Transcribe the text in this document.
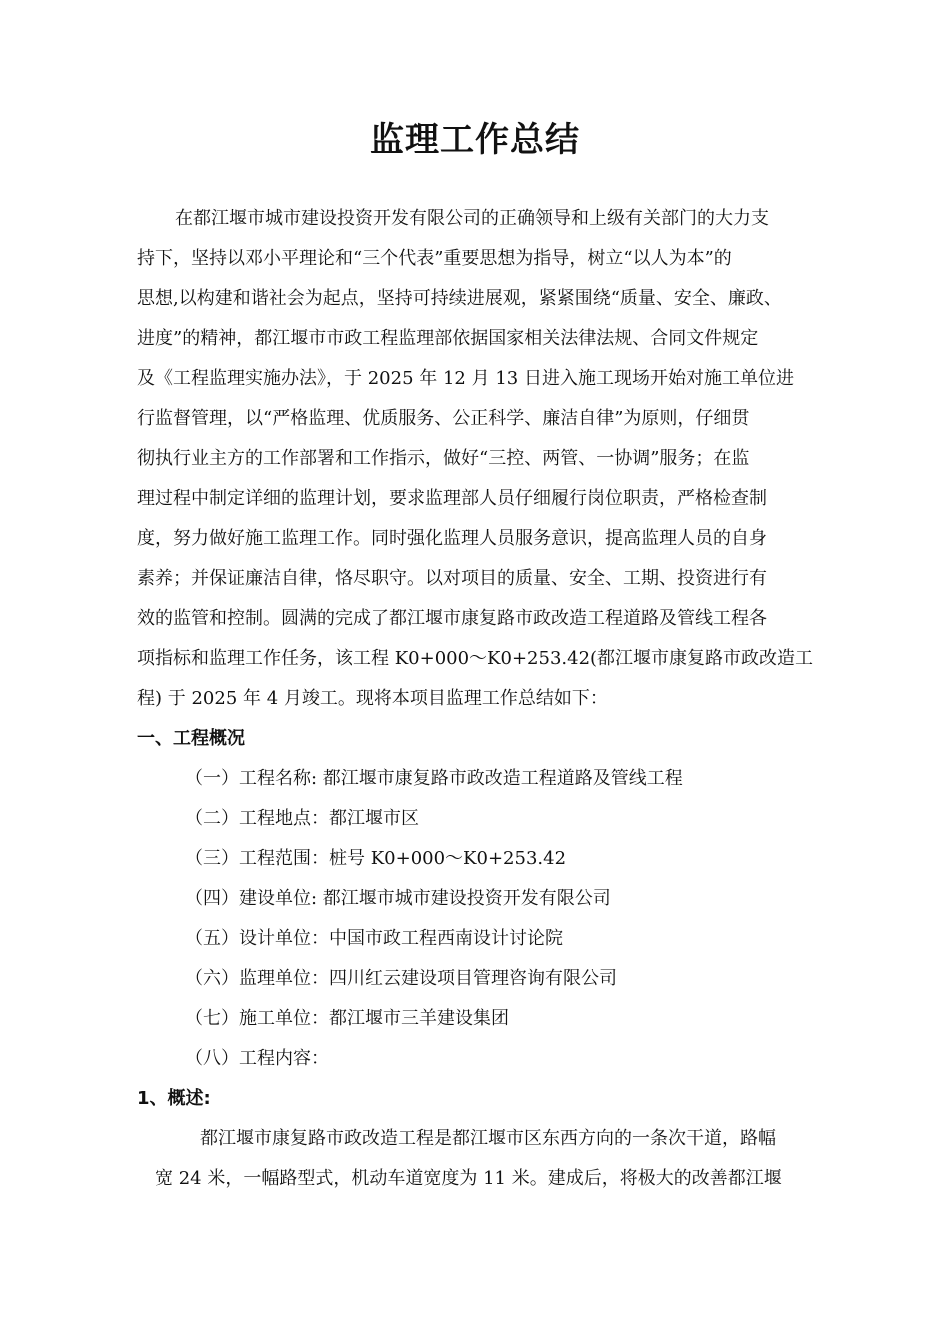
监理工作总结

在都江堰市城市建设投资开发有限公司的正确领导和上级有关部门的大力支

持下，坚持以邓小平理论和“三个代表”重要思想为指导，树立“以人为本”的

思想,以构建和谐社会为起点，坚持可持续进展观，紧紧围绕“质量、安全、廉政、

进度”的精神，都江堰市市政工程监理部依据国家相关法律法规、合同文件规定

及《工程监理实施办法》，于 2025 年 12 月 13 日进入施工现场开始对施工单位进

行监督管理，以“严格监理、优质服务、公正科学、廉洁自律”为原则，仔细贯

彻执行业主方的工作部署和工作指示，做好“三控、两管、一协调”服务；在监

理过程中制定详细的监理计划，要求监理部人员仔细履行岗位职责，严格检查制

度，努力做好施工监理工作。同时强化监理人员服务意识，提高监理人员的自身

素养；并保证廉洁自律，恪尽职守。以对项目的质量、安全、工期、投资进行有

效的监管和控制。圆满的完成了都江堰市康复路市政改造工程道路及管线工程各

项指标和监理工作任务，该工程 K0+000～K0+253.42(都江堰市康复路市政改造工

程) 于 2025 年 4 月竣工。现将本项目监理工作总结如下：

一、工程概况

（一）工程名称: 都江堰市康复路市政改造工程道路及管线工程

（二）工程地点：都江堰市区

（三）工程范围：桩号 K0+000～K0+253.42

（四）建设单位: 都江堰市城市建设投资开发有限公司

（五）设计单位：中国市政工程西南设计讨论院

（六）监理单位：四川红云建设项目管理咨询有限公司

（七）施工单位：都江堰市三羊建设集团

（八）工程内容：

1、概述:

都江堰市康复路市政改造工程是都江堰市区东西方向的一条次干道，路幅

宽 24 米，一幅路型式，机动车道宽度为 11 米。建成后，将极大的改善都江堰
